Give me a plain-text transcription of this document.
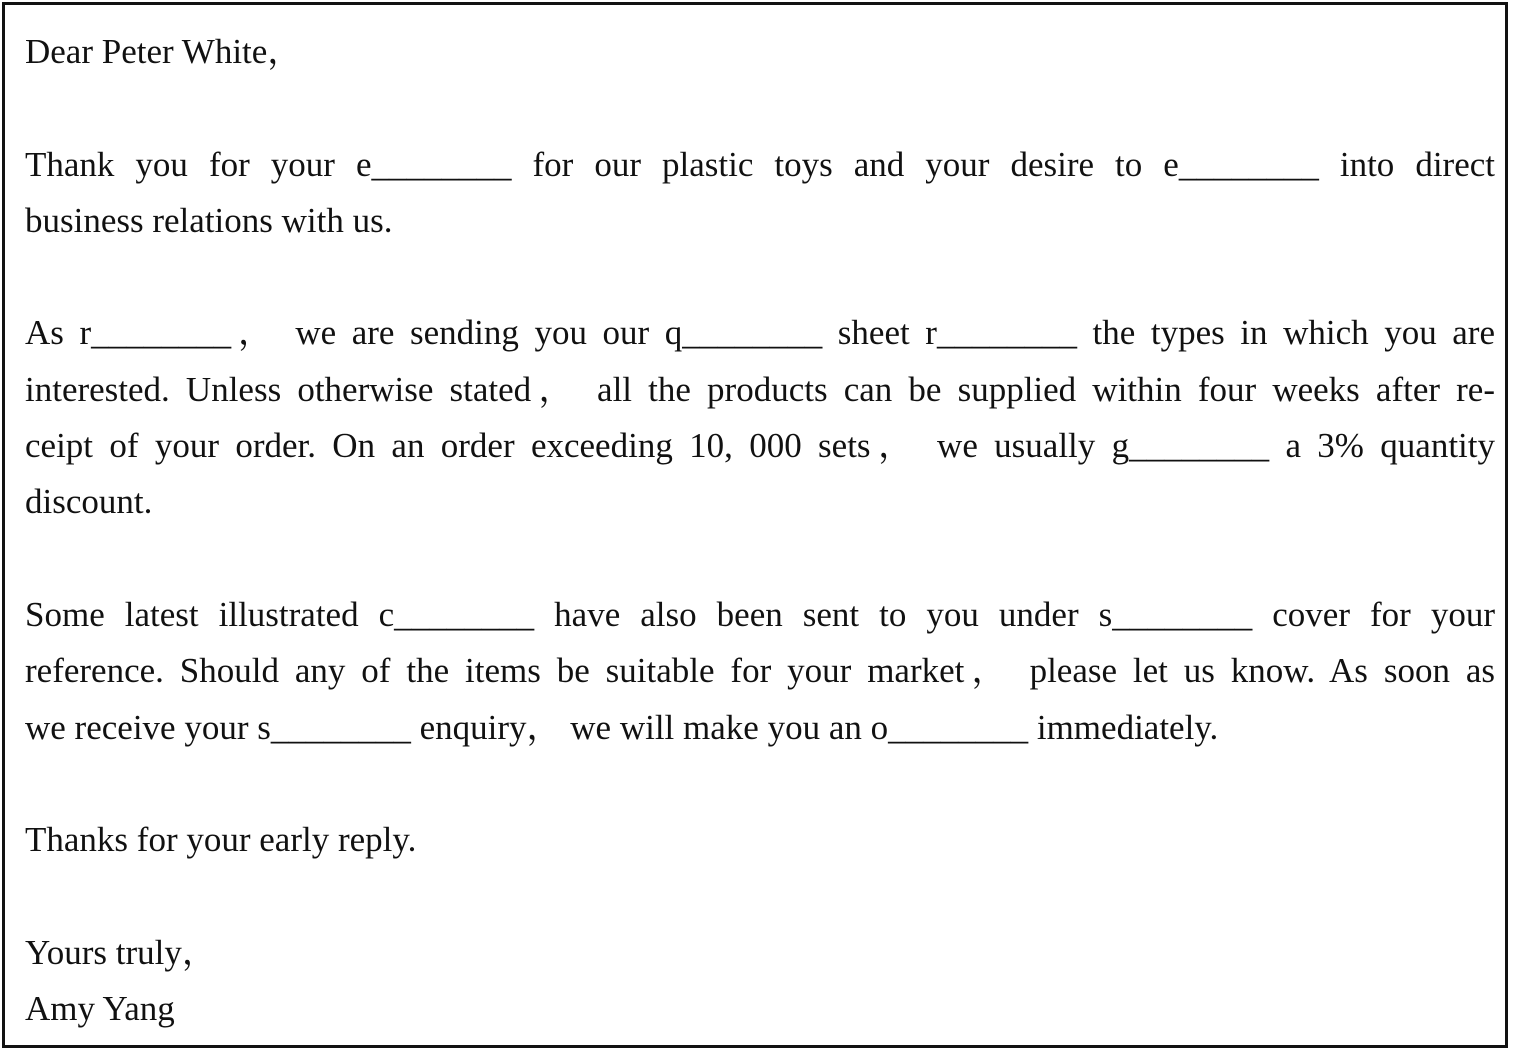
Dear Peter White，
Thank you for your e________ for our plastic toys and your desire to e________ into direct
business relations with us.
As r________， we are sending you our q________ sheet r________ the types in which you are
interested. Unless otherwise stated， all the products can be supplied within four weeks after re-
ceipt of your order. On an order exceeding 10, 000 sets， we usually g________ a 3% quantity
discount.
Some latest illustrated c________ have also been sent to you under s________ cover for your
reference. Should any of the items be suitable for your market， please let us know. As soon as
we receive your s________ enquiry， we will make you an o________ immediately.
Thanks for your early reply.
Yours truly，
Amy Yang
